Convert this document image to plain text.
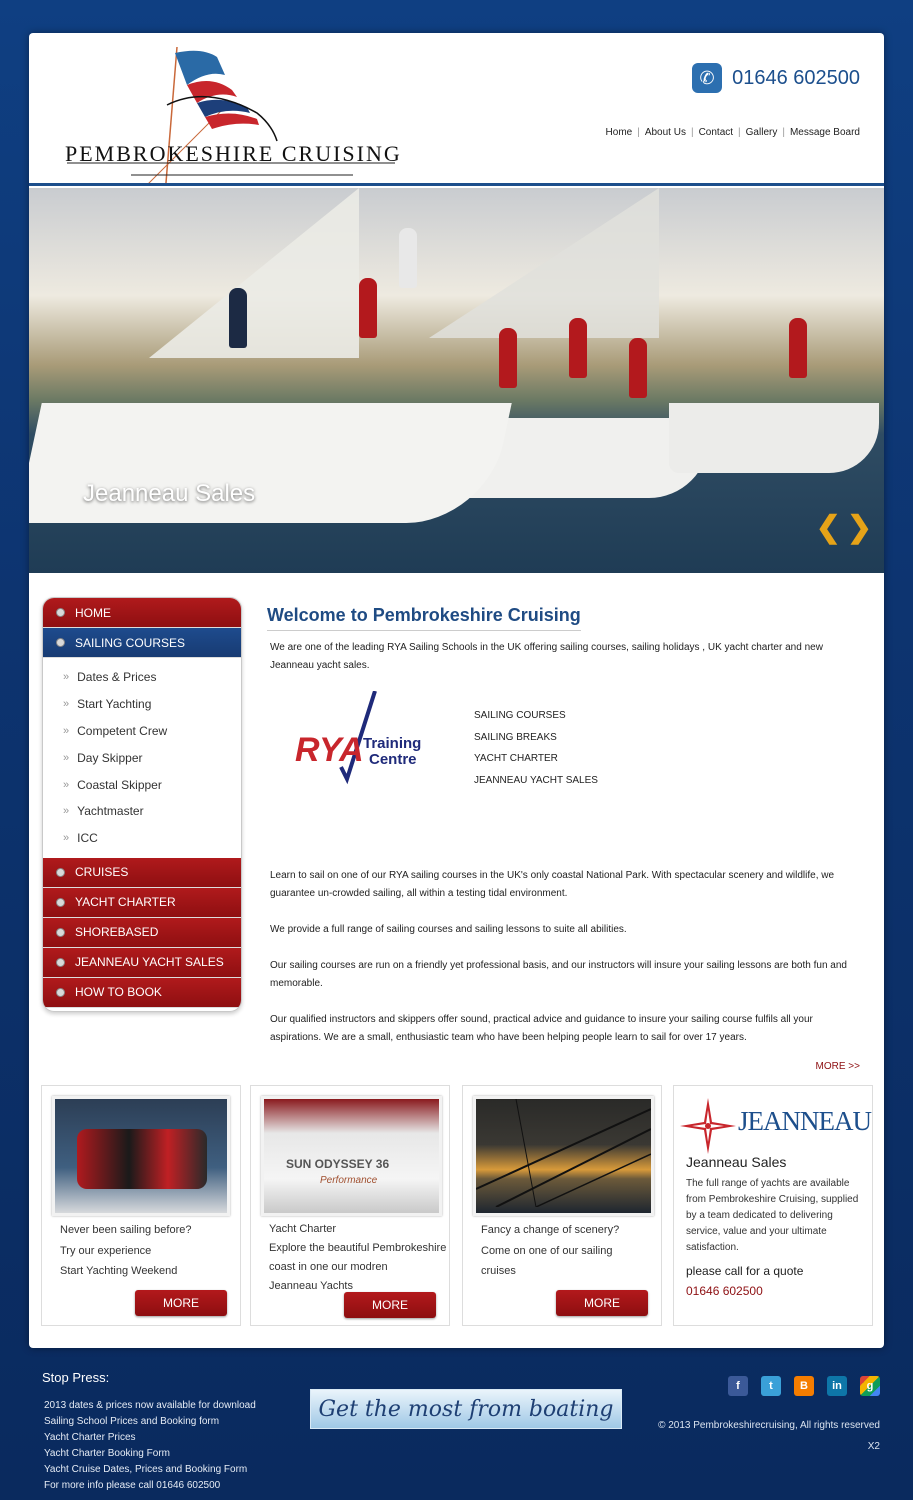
PEMBROKESHIRE CRUISING
✆ 01646 602500
Home | About Us | Contact | Gallery | Message Board
Jeanneau Sales
❮ ❯
HOME
SAILING COURSES
» Dates & Prices
» Start Yachting
» Competent Crew
» Day Skipper
» Coastal Skipper
» Yachtmaster
» ICC
CRUISES
YACHT CHARTER
SHOREBASED
JEANNEAU YACHT SALES
HOW TO BOOK
Welcome to Pembrokeshire Cruising

We are one of the leading RYA Sailing Schools in the UK offering sailing courses, sailing holidays , UK yacht charter and new Jeanneau yacht sales.

RYA Training
Centre
SAILING COURSES
SAILING BREAKS
YACHT CHARTER
JEANNEAU YACHT SALES

Learn to sail on one of our RYA sailing courses in the UK's only coastal National Park. With spectacular scenery and wildlife, we guarantee un-crowded sailing, all within a testing tidal environment.

We provide a full range of sailing courses and sailing lessons to suite all abilities.

Our sailing courses are run on a friendly yet professional basis, and our instructors will insure your sailing lessons are both fun and memorable.

Our qualified instructors and skippers offer sound, practical advice and guidance to insure your sailing course fulfils all your aspirations. We are a small, enthusiastic team who have been helping people learn to sail for over 17 years.

MORE >>
Never been sailing before?
Try our experience
Start Yachting Weekend
MORE
SUN ODYSSEY 36
Performance
Yacht Charter
Explore the beautiful Pembrokeshire
coast in one our modren
Jeanneau Yachts
MORE
Fancy a change of scenery?
Come on one of our sailing
cruises
MORE
JEANNEAU
Jeanneau Sales
The full range of yachts are available from Pembrokeshire Cruising, supplied by a team dedicated to delivering service, value and your ultimate satisfaction.
please call for a quote
01646 602500
Stop Press:
2013 dates & prices now available for download
Sailing School Prices and Booking form
Yacht Charter Prices
Yacht Charter Booking Form
Yacht Cruise Dates, Prices and Booking Form
For more info please call 01646 602500
Get the most from boating
f	t	B	in	g
© 2013 Pembrokeshirecruising, All rights reserved
X2
